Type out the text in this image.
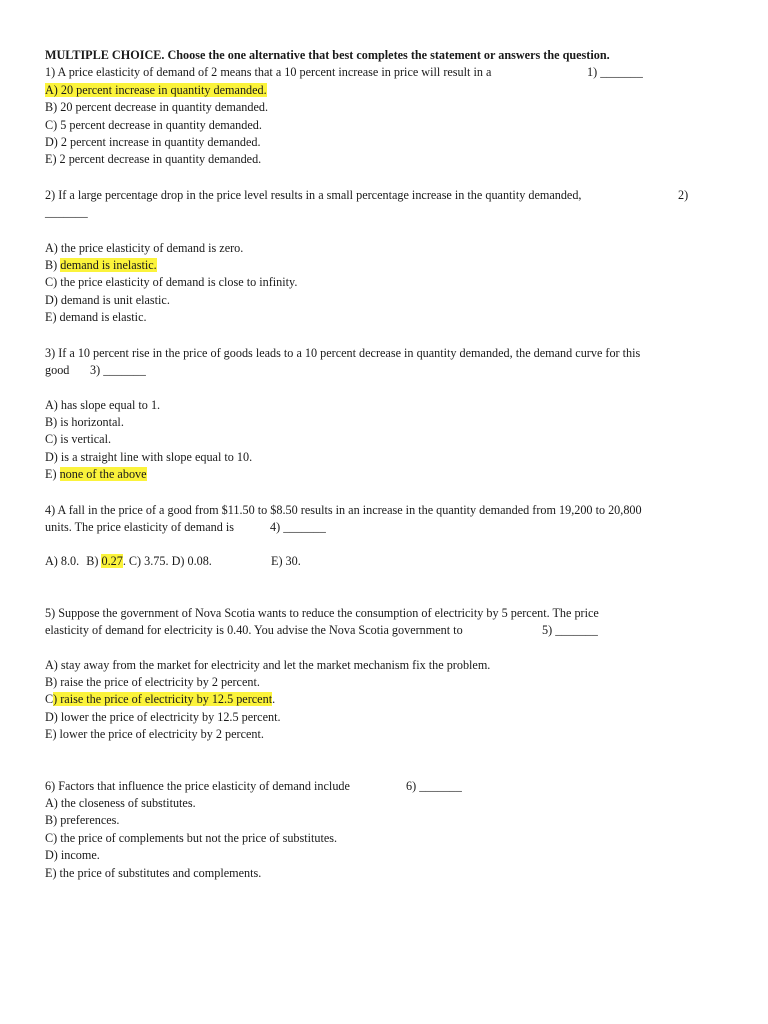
MULTIPLE CHOICE. Choose the one alternative that best completes the statement or answers the question.
1) A price elasticity of demand of 2 means that a 10 percent increase in price will result in a	1) _______
A) 20 percent increase in quantity demanded.
B) 20 percent decrease in quantity demanded.
C) 5 percent decrease in quantity demanded.
D) 2 percent increase in quantity demanded.
E) 2 percent decrease in quantity demanded.
2) If a large percentage drop in the price level results in a small percentage increase in the quantity demanded,	2)
_______
A) the price elasticity of demand is zero.
B) demand is inelastic.
C) the price elasticity of demand is close to infinity.
D) demand is unit elastic.
E) demand is elastic.
3) If a 10 percent rise in the price of goods leads to a 10 percent decrease in quantity demanded, the demand curve for this
good 3) _______
A) has slope equal to 1.
B) is horizontal.
C) is vertical.
D) is a straight line with slope equal to 10.
E) none of the above
4) A fall in the price of a good from $11.50 to $8.50 results in an increase in the quantity demanded from 19,200 to 20,800
units. The price elasticity of demand is	4) _______
A) 8.0. B) 0.27. C) 3.75. D) 0.08.	E) 30.
5) Suppose the government of Nova Scotia wants to reduce the consumption of electricity by 5 percent. The price
elasticity of demand for electricity is 0.40. You advise the Nova Scotia government to	5) _______
A) stay away from the market for electricity and let the market mechanism fix the problem.
B) raise the price of electricity by 2 percent.
C) raise the price of electricity by 12.5 percent.
D) lower the price of electricity by 12.5 percent.
E) lower the price of electricity by 2 percent.
6) Factors that influence the price elasticity of demand include	6) _______
A) the closeness of substitutes.
B) preferences.
C) the price of complements but not the price of substitutes.
D) income.
E) the price of substitutes and complements.
